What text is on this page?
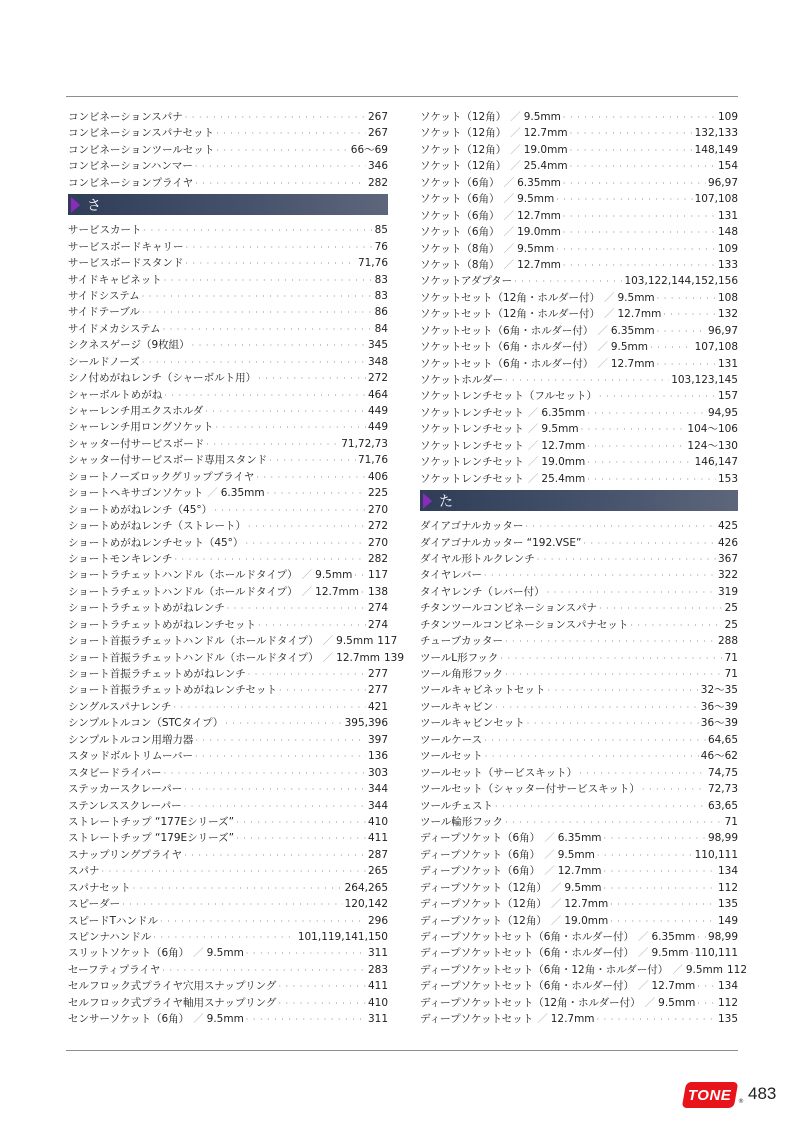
コンビネーションスパナ · · ·	267
コンビネーションスパナセット · · ·	267
コンビネーションツールセット · · ·	66～69
コンビネーションハンマー · · ·	346
コンビネーションプライヤ · · ·	282
さ
サービスカート · · ·	85
サービスボードキャリー · · ·	76
サービスボードスタンド · · ·	71,76
サイドキャビネット · · ·	83
サイドシステム · · ·	83
サイドテーブル · · ·	86
サイドメカシステム · · ·	84
シクネスゲージ（9枚組） · · ·	345
シールドノーズ · · ·	348
シノ付めがねレンチ（シャーボルト用） · · ·	272
シャーボルトめがね · · ·	464
シャーレンチ用エクスホルダ · · ·	449
シャーレンチ用ロングソケット · · ·	449
シャッター付サービスボード · · ·	71,72,73
シャッター付サービスボード専用スタンド · · ·	71,76
ショートノーズロックグリップブライヤ · · ·	406
ショートヘキサゴンソケット	／ 6.35mm · · ·	225
ショートめがねレンチ（45°） · · ·	270
ショートめがねレンチ（ストレート） · · ·	272
ショートめがねレンチセット（45°） · · ·	270
ショートモンキレンチ · · ·	282
ショートラチェットハンドル（ホールドタイプ）	／ 9.5mm · · · 117
ショートラチェットハンドル（ホールドタイプ）	／ 12.7mm · · · 138
ショートラチェットめがねレンチ · · ·	274
ショートラチェットめがねレンチセット · · ·	274
ショート首振ラチェットハンドル（ホールドタイプ）	／ 9.5mm 117
ショート首振ラチェットハンドル（ホールドタイプ）	／ 12.7mm 139
ショート首振ラチェットめがねレンチ · · ·	277
ショート首振ラチェットめがねレンチセット · · ·	277
シングルスパナレンチ · · ·	421
シンプルトルコン（STCタイプ） · · ·	395,396
シンプルトルコン用増力器 · · ·	397
スタッドボルトリムーバー · · ·	136
スタビードライバー · · ·	303
ステッカースクレーパー · · ·	344
ステンレススクレーパー · · ·	344
ストレートチップ “177Eシリーズ” · · ·	410
ストレートチップ “179Eシリーズ” · · ·	411
スナップリングプライヤ · · ·	287
スパナ · · ·	265
スパナセット · · ·	264,265
スピーダー · · ·	120,142
スピードTハンドル · · ·	296
スピンナハンドル · · ·	101,119,141,150
スリットソケット（6角）	／ 9.5mm · · ·	311
セーフティプライヤ · · ·	283
セルフロック式プライヤ穴用スナップリング · · ·	411
セルフロック式プライヤ軸用スナップリング · · ·	410
センサーソケット（6角）	／ 9.5mm · · ·	311
ソケット（12角）	／ 9.5mm · · ·	109
ソケット（12角）	／ 12.7mm · · ·	132,133
ソケット（12角）	／ 19.0mm · · ·	148,149
ソケット（12角）	／ 25.4mm · · ·	154
ソケット（6角）	／ 6.35mm · · ·	96,97
ソケット（6角）	／ 9.5mm · · ·	107,108
ソケット（6角）	／ 12.7mm · · ·	131
ソケット（6角）	／ 19.0mm · · ·	148
ソケット（8角）	／ 9.5mm · · ·	109
ソケット（8角）	／ 12.7mm · · ·	133
ソケットアダプター · · ·	103,122,144,152,156
ソケットセット（12角・ホルダー付）	／ 9.5mm · · ·	108
ソケットセット（12角・ホルダー付）	／ 12.7mm · · ·	132
ソケットセット（6角・ホルダー付）	／ 6.35mm · · ·	96,97
ソケットセット（6角・ホルダー付）	／ 9.5mm · · ·	107,108
ソケットセット（6角・ホルダー付）	／ 12.7mm · · ·	131
ソケットホルダー · · ·	103,123,145
ソケットレンチセット（フルセット） · · ·	157
ソケットレンチセット	／ 6.35mm · · ·	94,95
ソケットレンチセット	／ 9.5mm · · ·	104～106
ソケットレンチセット	／ 12.7mm · · ·	124～130
ソケットレンチセット	／ 19.0mm · · ·	146,147
ソケットレンチセット	／ 25.4mm · · ·	153
た
ダイアゴナルカッター · · ·	425
ダイアゴナルカッター “192.VSE” · · ·	426
ダイヤル形トルクレンチ · · ·	367
タイヤレバー · · ·	322
タイヤレンチ（レバー付） · · ·	319
チタンツールコンビネーションスパナ · · ·	25
チタンツールコンビネーションスパナセット · · ·	25
チューブカッター · · ·	288
ツールL形フック · · ·	71
ツール角形フック · · ·	71
ツールキャビネットセット · · ·	32～35
ツールキャビン · · ·	36～39
ツールキャビンセット · · ·	36～39
ツールケース · · ·	64,65
ツールセット · · ·	46～62
ツールセット（サービスキット） · · ·	74,75
ツールセット（シャッター付サービスキット） · · ·	72,73
ツールチェスト · · ·	63,65
ツール輪形フック · · ·	71
ディープソケット（6角）	／ 6.35mm · · ·	98,99
ディープソケット（6角）	／ 9.5mm · · ·	110,111
ディープソケット（6角）	／ 12.7mm · · ·	134
ディープソケット（12角）	／ 9.5mm · · ·	112
ディープソケット（12角）	／ 12.7mm · · ·	135
ディープソケット（12角）	／ 19.0mm · · ·	149
ディープソケットセット（6角・ホルダー付）	／ 6.35mm · · · 98,99
ディープソケットセット（6角・ホルダー付）	／ 9.5mm · · · 110,111
ディープソケットセット（6角・12角・ホルダー付）	／ 9.5mm 112
ディープソケットセット（6角・ホルダー付）	／ 12.7mm · · · 134
ディープソケットセット（12角・ホルダー付）	／ 9.5mm · · · 112
ディープソケットセット	／ 12.7mm · · ·	135
TONE ® 483
